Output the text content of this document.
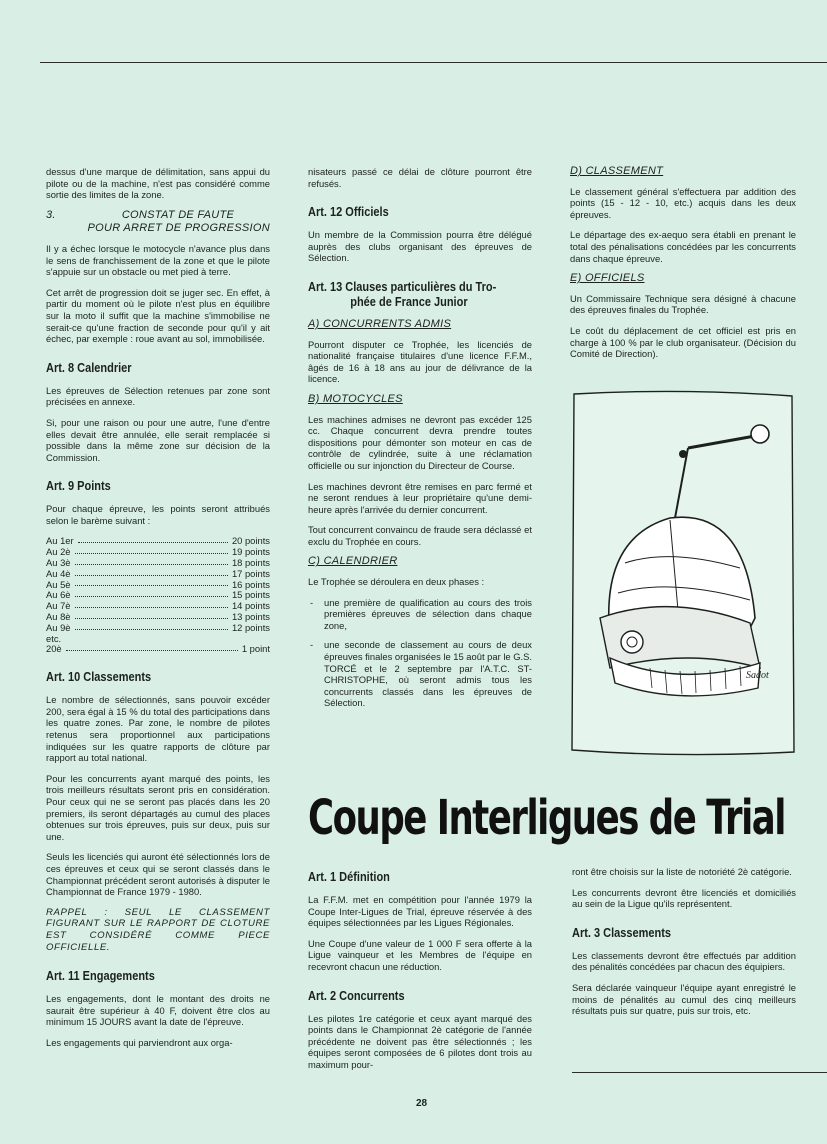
dessus d'une marque de délimitation, sans appui du pilote ou de la machine, n'est pas considéré comme sortie des limites de la zone.

3.	CONSTAT DE FAUTE
POUR ARRET DE PROGRESSION

Il y a échec lorsque le motocycle n'avance plus dans le sens de franchissement de la zone et que le pilote s'appuie sur un obstacle ou met pied à terre.

Cet arrêt de progression doit se juger sec. En effet, à partir du moment où le pilote n'est plus en équilibre sur la moto il suffit que la machine s'immobilise ne serait-ce qu'une fraction de seconde pour qu'il y ait échec, par exemple : roue avant au sol, immobilisée.

Art. 8 Calendrier

Les épreuves de Sélection retenues par zone sont précisées en annexe.

Si, pour une raison ou pour une autre, l'une d'entre elles devait être annulée, elle serait remplacée si possible dans la même zone sur décision de la Commission.

Art. 9 Points

Pour chaque épreuve, les points seront attribués selon le barème suivant :

Au 1er	20 points
Au 2è	19 points
Au 3è	18 points
Au 4è	17 points
Au 5è	16 points
Au 6è	15 points
Au 7è	14 points
Au 8è	13 points
Au 9è	12 points
etc.
20è	1 point
Art. 10 Classements

Le nombre de sélectionnés, sans pouvoir excéder 200, sera égal à 15 % du total des participations dans les quatre zones. Par zone, le nombre de pilotes retenus sera proportionnel aux participations indiquées sur les quatre rapports de clôture par rapport au total national.

Pour les concurrents ayant marqué des points, les trois meilleurs résultats seront pris en considération. Pour ceux qui ne se seront pas placés dans les 20 premiers, ils seront départagés au cumul des places obtenues sur trois épreuves, puis sur deux, puis sur une.

Seuls les licenciés qui auront été sélectionnés lors de ces épreuves et ceux qui se seront classés dans le Championnat précédent seront autorisés à disputer le Championnat de France 1979 - 1980.

RAPPEL : SEUL LE CLASSEMENT FIGURANT SUR LE RAPPORT DE CLOTURE EST CONSIDÉRÉ COMME PIECE OFFICIELLE.

Art. 11 Engagements

Les engagements, dont le montant des droits ne saurait être supérieur à 40 F, doivent être clos au minimum 15 JOURS avant la date de l'épreuve.

Les engagements qui parviendront aux orga-

nisateurs passé ce délai de clôture pourront être refusés.

Art. 12 Officiels

Un membre de la Commission pourra être délégué auprès des clubs organisant des épreuves de Sélection.

Art. 13 Clauses particulières du Tro-
phée de France Junior
A) CONCURRENTS ADMIS

Pourront disputer ce Trophée, les licenciés de nationalité française titulaires d'une licence F.F.M., âgés de 16 à 18 ans au jour de délivrance de la licence.

B) MOTOCYCLES

Les machines admises ne devront pas excéder 125 cc. Chaque concurrent devra prendre toutes dispositions pour démonter son moteur en cas de contrôle de cylindrée, suite à une réclamation officielle ou sur injonction du Directeur de Course.

Les machines devront être remises en parc fermé et ne seront rendues à leur propriétaire qu'une demi-heure après l'arrivée du dernier concurrent.

Tout concurrent convaincu de fraude sera déclassé et exclu du Trophée en cours.

C) CALENDRIER

Le Trophée se déroulera en deux phases :

- une première de qualification au cours des trois premières épreuves de sélection dans chaque zone,
- une seconde de classement au cours de deux épreuves finales organisées le 15 août par le G.S. TORCÉ et le 2 septembre par l'A.T.C. ST-CHRISTOPHE, où seront admis tous les concurrents classés dans les épreuves de Sélection.
D) CLASSEMENT

Le classement général s'effectuera par addition des points (15 - 12 - 10, etc.) acquis dans les deux épreuves.

Le départage des ex-aequo sera établi en prenant le total des pénalisations concédées par les concurrents dans chaque épreuve.

E) OFFICIELS

Un Commissaire Technique sera désigné à chacune des épreuves finales du Trophée.

Le coût du déplacement de cet officiel est pris en charge à 100 % par le club organisateur. (Décision du Comité de Direction).

Sadot
Coupe Interligues de Trial
Art. 1 Définition

La F.F.M. met en compétition pour l'année 1979 la Coupe Inter-Ligues de Trial, épreuve réservée à des équipes sélectionnées par les Ligues Régionales.

Une Coupe d'une valeur de 1 000 F sera offerte à la Ligue vainqueur et les Membres de l'équipe en recevront chacun une réduction.

Art. 2 Concurrents

Les pilotes 1re catégorie et ceux ayant marqué des points dans le Championnat 2è catégorie de l'année précédente ne doivent pas être sélectionnés ; les équipes seront composées de 6 pilotes dont trois au maximum pour-

ront être choisis sur la liste de notoriété 2è catégorie.

Les concurrents devront être licenciés et domiciliés au sein de la Ligue qu'ils représentent.

Art. 3 Classements

Les classements devront être effectués par addition des pénalités concédées par chacun des équipiers.

Sera déclarée vainqueur l'équipe ayant enregistré le moins de pénalités au cumul des cinq meilleurs résultats puis sur quatre, puis sur trois, etc.

28
